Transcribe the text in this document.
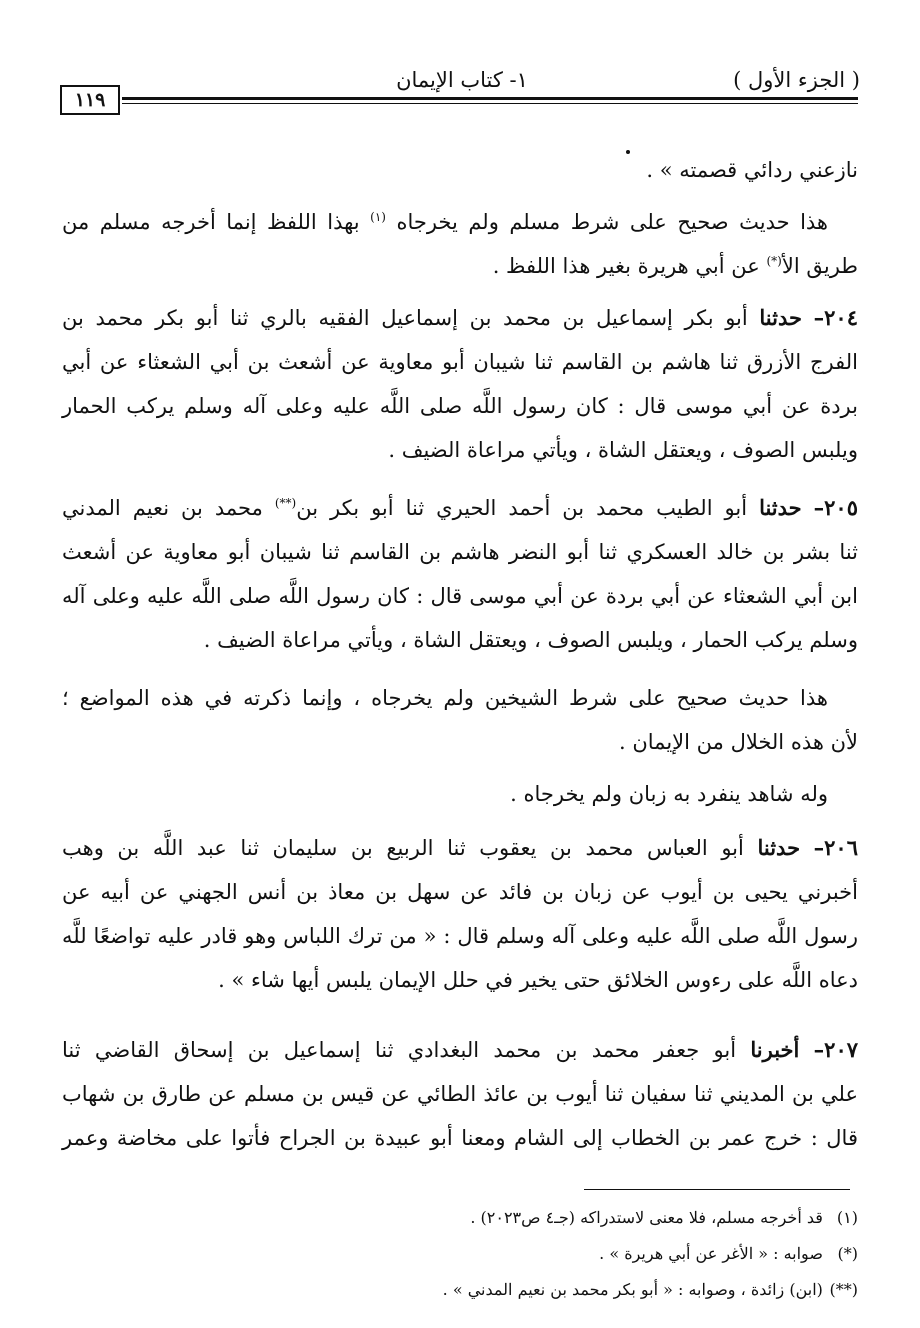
( الجزء الأول )
١- كتاب الإيمان
١١٩
نازعني ردائي قصمته » .
هذا حديث صحيح على شرط مسلم ولم يخرجاه $^{(١)}$ بهذا اللفظ إنما أخرجه مسلم من
طريق الأ(*) عن أبي هريرة بغير هذا اللفظ .
٢٠٤– حدثنا أبو بكر إسماعيل بن محمد بن إسماعيل الفقيه بالري ثنا أبو بكر محمد بن
الفرج الأزرق ثنا هاشم بن القاسم ثنا شيبان أبو معاوية عن أشعث بن أبي الشعثاء عن أبي
بردة عن أبي موسى قال : كان رسول اللَّه صلى اللَّه عليه وعلى آله وسلم يركب الحمار
ويلبس الصوف ، ويعتقل الشاة ، ويأتي مراعاة الضيف .
٢٠٥– حدثنا أبو الطيب محمد بن أحمد الحيري ثنا أبو بكر بن(**) محمد بن نعيم المدني
ثنا بشر بن خالد العسكري ثنا أبو النضر هاشم بن القاسم ثنا شيبان أبو معاوية عن أشعث
ابن أبي الشعثاء عن أبي بردة عن أبي موسى قال : كان رسول اللَّه صلى اللَّه عليه وعلى آله
وسلم يركب الحمار ، ويلبس الصوف ، ويعتقل الشاة ، ويأتي مراعاة الضيف .
هذا حديث صحيح على شرط الشيخين ولم يخرجاه ، وإنما ذكرته في هذه المواضع ؛
لأن هذه الخلال من الإيمان .
وله شاهد ينفرد به زبان ولم يخرجاه .
٢٠٦– حدثنا أبو العباس محمد بن يعقوب ثنا الربيع بن سليمان ثنا عبد اللَّه بن وهب
أخبرني يحيى بن أيوب عن زبان بن فائد عن سهل بن معاذ بن أنس الجهني عن أبيه عن
رسول اللَّه صلى اللَّه عليه وعلى آله وسلم قال : « من ترك اللباس وهو قادر عليه تواضعًا للَّه
دعاه اللَّه على رءوس الخلائق حتى يخير في حلل الإيمان يلبس أيها شاء » .
٢٠٧– أخبرنا أبو جعفر محمد بن محمد البغدادي ثنا إسماعيل بن إسحاق القاضي ثنا
علي بن المديني ثنا سفيان ثنا أيوب بن عائذ الطائي عن قيس بن مسلم عن طارق بن شهاب
قال : خرج عمر بن الخطاب إلى الشام ومعنا أبو عبيدة بن الجراح فأتوا على مخاضة وعمر
(١) قد أخرجه مسلم، فلا معنى لاستدراكه (جـ٤ ص٢٠٢٣) .
(*) صوابه : « الأغر عن أبي هريرة » .
(**) (ابن) زائدة ، وصوابه : « أبو بكر محمد بن نعيم المدني » .
